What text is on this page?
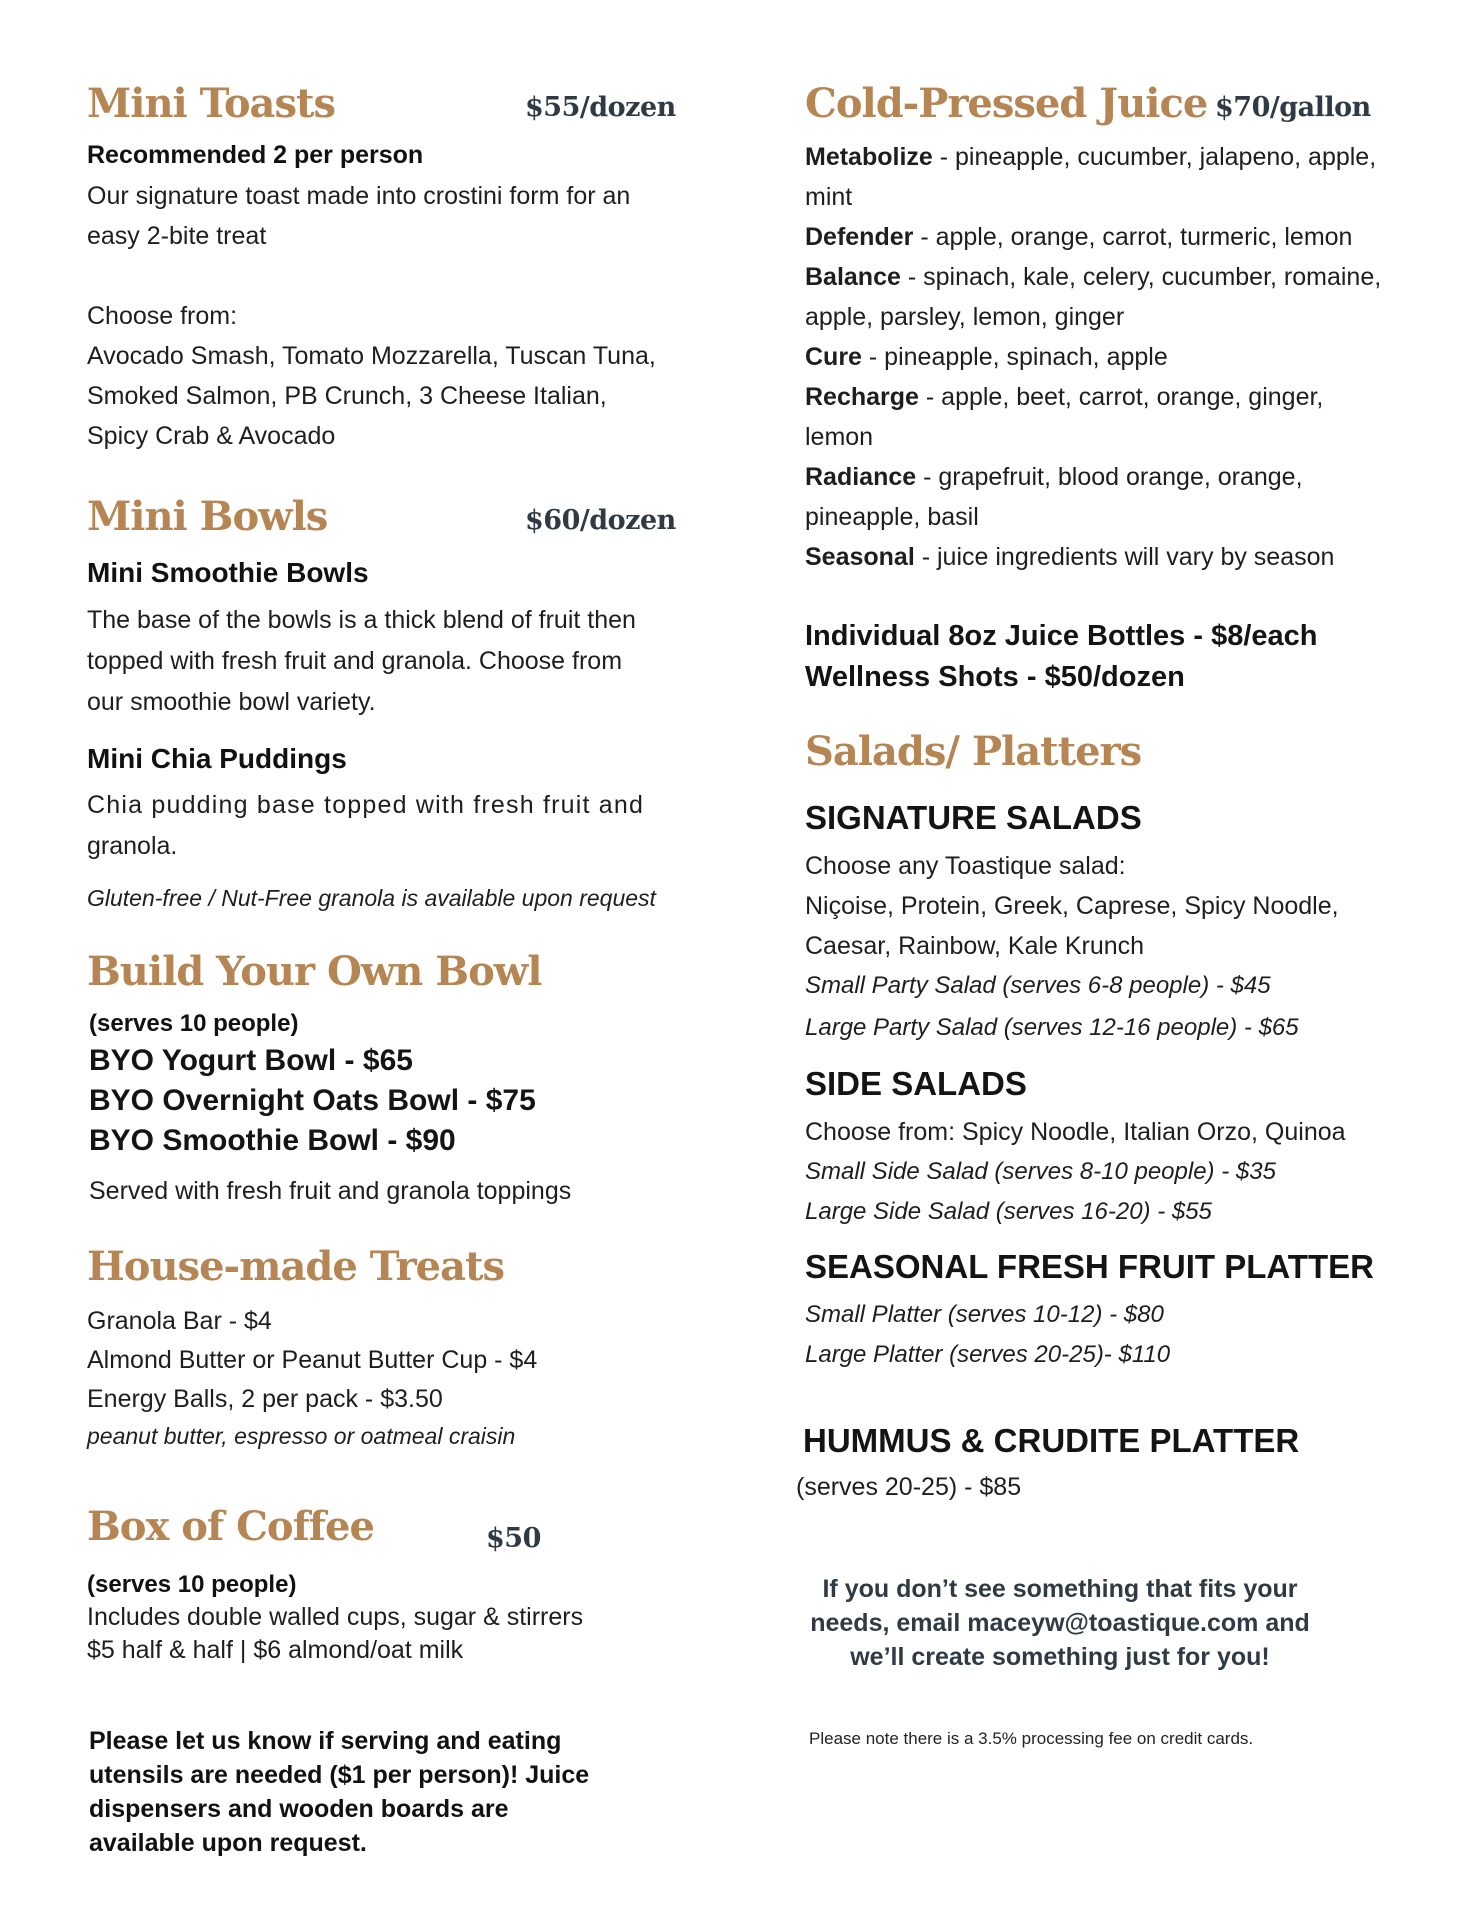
Mini Toasts	$55/dozen
Recommended 2 per person
Our signature toast made into crostini form for an
easy 2-bite treat
Choose from:
Avocado Smash, Tomato Mozzarella, Tuscan Tuna,
Smoked Salmon, PB Crunch, 3 Cheese Italian,
Spicy Crab & Avocado
Mini Bowls	$60/dozen
Mini Smoothie Bowls
The base of the bowls is a thick blend of fruit then
topped with fresh fruit and granola. Choose from
our smoothie bowl variety.
Mini Chia Puddings
Chia pudding base topped with fresh fruit and
granola.
Gluten-free / Nut-Free granola is available upon request
Build Your Own Bowl
(serves 10 people)
BYO Yogurt Bowl - $65
BYO Overnight Oats Bowl - $75
BYO Smoothie Bowl - $90
Served with fresh fruit and granola toppings
House-made Treats
Granola Bar - $4
Almond Butter or Peanut Butter Cup - $4
Energy Balls, 2 per pack - $3.50
peanut butter, espresso or oatmeal craisin
Box of Coffee	$50
(serves 10 people)
Includes double walled cups, sugar & stirrers
$5 half & half | $6 almond/oat milk
Please let us know if serving and eating utensils are needed ($1 per person)! Juice dispensers and wooden boards are available upon request.
Cold-Pressed Juice $70/gallon
Metabolize - pineapple, cucumber, jalapeno, apple, mint
Defender - apple, orange, carrot, turmeric, lemon
Balance - spinach, kale, celery, cucumber, romaine, apple, parsley, lemon, ginger
Cure - pineapple, spinach, apple
Recharge - apple, beet, carrot, orange, ginger, lemon
Radiance - grapefruit, blood orange, orange, pineapple, basil
Seasonal - juice ingredients will vary by season
Individual 8oz Juice Bottles - $8/each
Wellness Shots - $50/dozen
Salads/ Platters
SIGNATURE SALADS
Choose any Toastique salad:
Niçoise, Protein, Greek, Caprese, Spicy Noodle,
Caesar, Rainbow, Kale Krunch
Small Party Salad (serves 6-8 people) - $45
Large Party Salad (serves 12-16 people) - $65
SIDE SALADS
Choose from: Spicy Noodle, Italian Orzo, Quinoa
Small Side Salad (serves 8-10 people) - $35
Large Side Salad (serves 16-20) - $55
SEASONAL FRESH FRUIT PLATTER
Small Platter (serves 10-12) - $80
Large Platter (serves 20-25)- $110
HUMMUS & CRUDITE PLATTER
(serves 20-25) - $85
If you don’t see something that fits your needs, email maceyw@toastique.com and we’ll create something just for you!
Please note there is a 3.5% processing fee on credit cards.
